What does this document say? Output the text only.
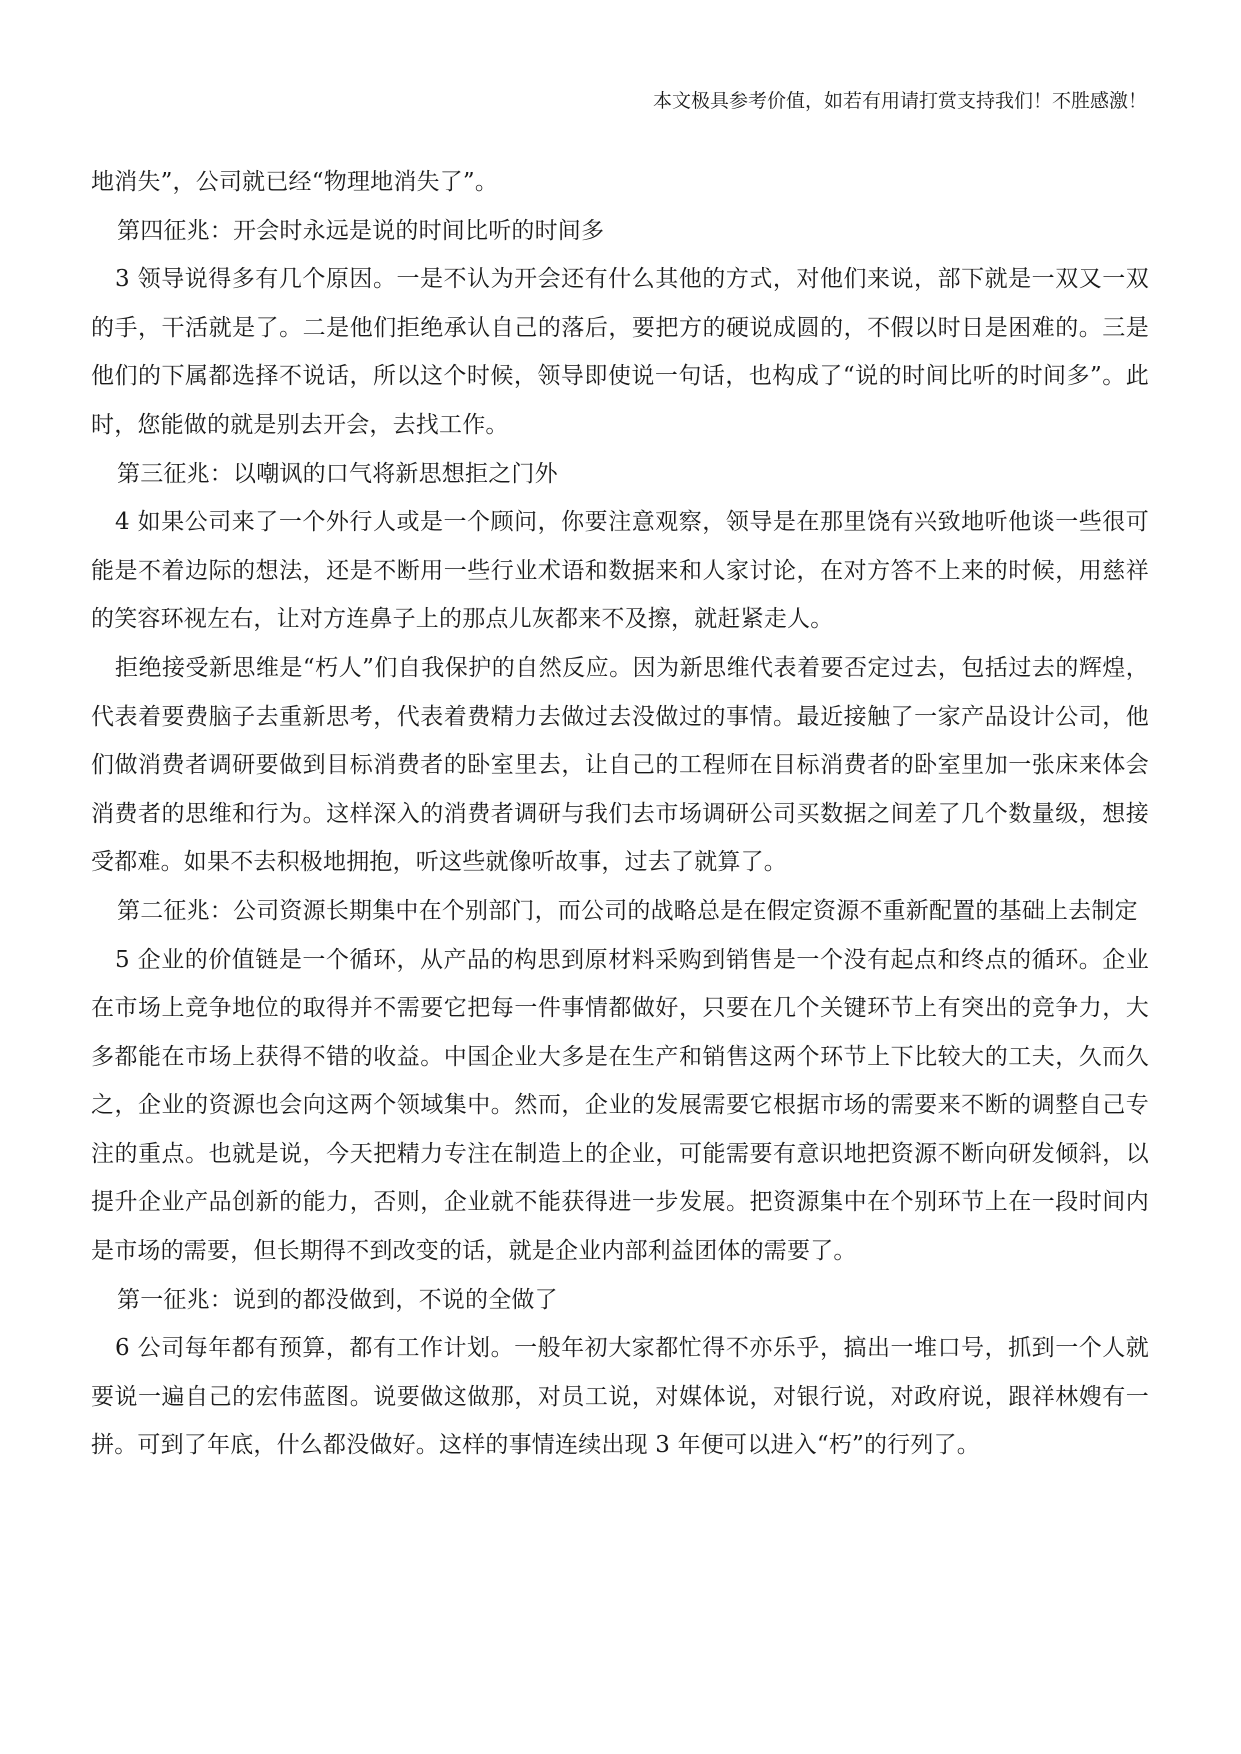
本文极具参考价值，如若有用请打赏支持我们！不胜感激！

地消失”，公司就已经“物理地消失了”。

第四征兆：开会时永远是说的时间比听的时间多

3 领导说得多有几个原因。一是不认为开会还有什么其他的方式，对他们来说，部下就是一双又一双的手，干活就是了。二是他们拒绝承认自己的落后，要把方的硬说成圆的，不假以时日是困难的。三是他们的下属都选择不说话，所以这个时候，领导即使说一句话，也构成了“说的时间比听的时间多”。此时，您能做的就是别去开会，去找工作。

第三征兆：以嘲讽的口气将新思想拒之门外

4 如果公司来了一个外行人或是一个顾问，你要注意观察，领导是在那里饶有兴致地听他谈一些很可能是不着边际的想法，还是不断用一些行业术语和数据来和人家讨论，在对方答不上来的时候，用慈祥的笑容环视左右，让对方连鼻子上的那点儿灰都来不及擦，就赶紧走人。

拒绝接受新思维是“朽人”们自我保护的自然反应。因为新思维代表着要否定过去，包括过去的辉煌，代表着要费脑子去重新思考，代表着费精力去做过去没做过的事情。最近接触了一家产品设计公司，他们做消费者调研要做到目标消费者的卧室里去，让自己的工程师在目标消费者的卧室里加一张床来体会消费者的思维和行为。这样深入的消费者调研与我们去市场调研公司买数据之间差了几个数量级，想接受都难。如果不去积极地拥抱，听这些就像听故事，过去了就算了。

第二征兆：公司资源长期集中在个别部门，而公司的战略总是在假定资源不重新配置的基础上去制定

5 企业的价值链是一个循环，从产品的构思到原材料采购到销售是一个没有起点和终点的循环。企业在市场上竞争地位的取得并不需要它把每一件事情都做好，只要在几个关键环节上有突出的竞争力，大多都能在市场上获得不错的收益。中国企业大多是在生产和销售这两个环节上下比较大的工夫，久而久之，企业的资源也会向这两个领域集中。然而，企业的发展需要它根据市场的需要来不断的调整自己专注的重点。也就是说，今天把精力专注在制造上的企业，可能需要有意识地把资源不断向研发倾斜，以提升企业产品创新的能力，否则，企业就不能获得进一步发展。把资源集中在个别环节上在一段时间内是市场的需要，但长期得不到改变的话，就是企业内部利益团体的需要了。

第一征兆：说到的都没做到，不说的全做了

6 公司每年都有预算，都有工作计划。一般年初大家都忙得不亦乐乎，搞出一堆口号，抓到一个人就要说一遍自己的宏伟蓝图。说要做这做那，对员工说，对媒体说，对银行说，对政府说，跟祥林嫂有一拼。可到了年底，什么都没做好。这样的事情连续出现 3 年便可以进入“朽”的行列了。
